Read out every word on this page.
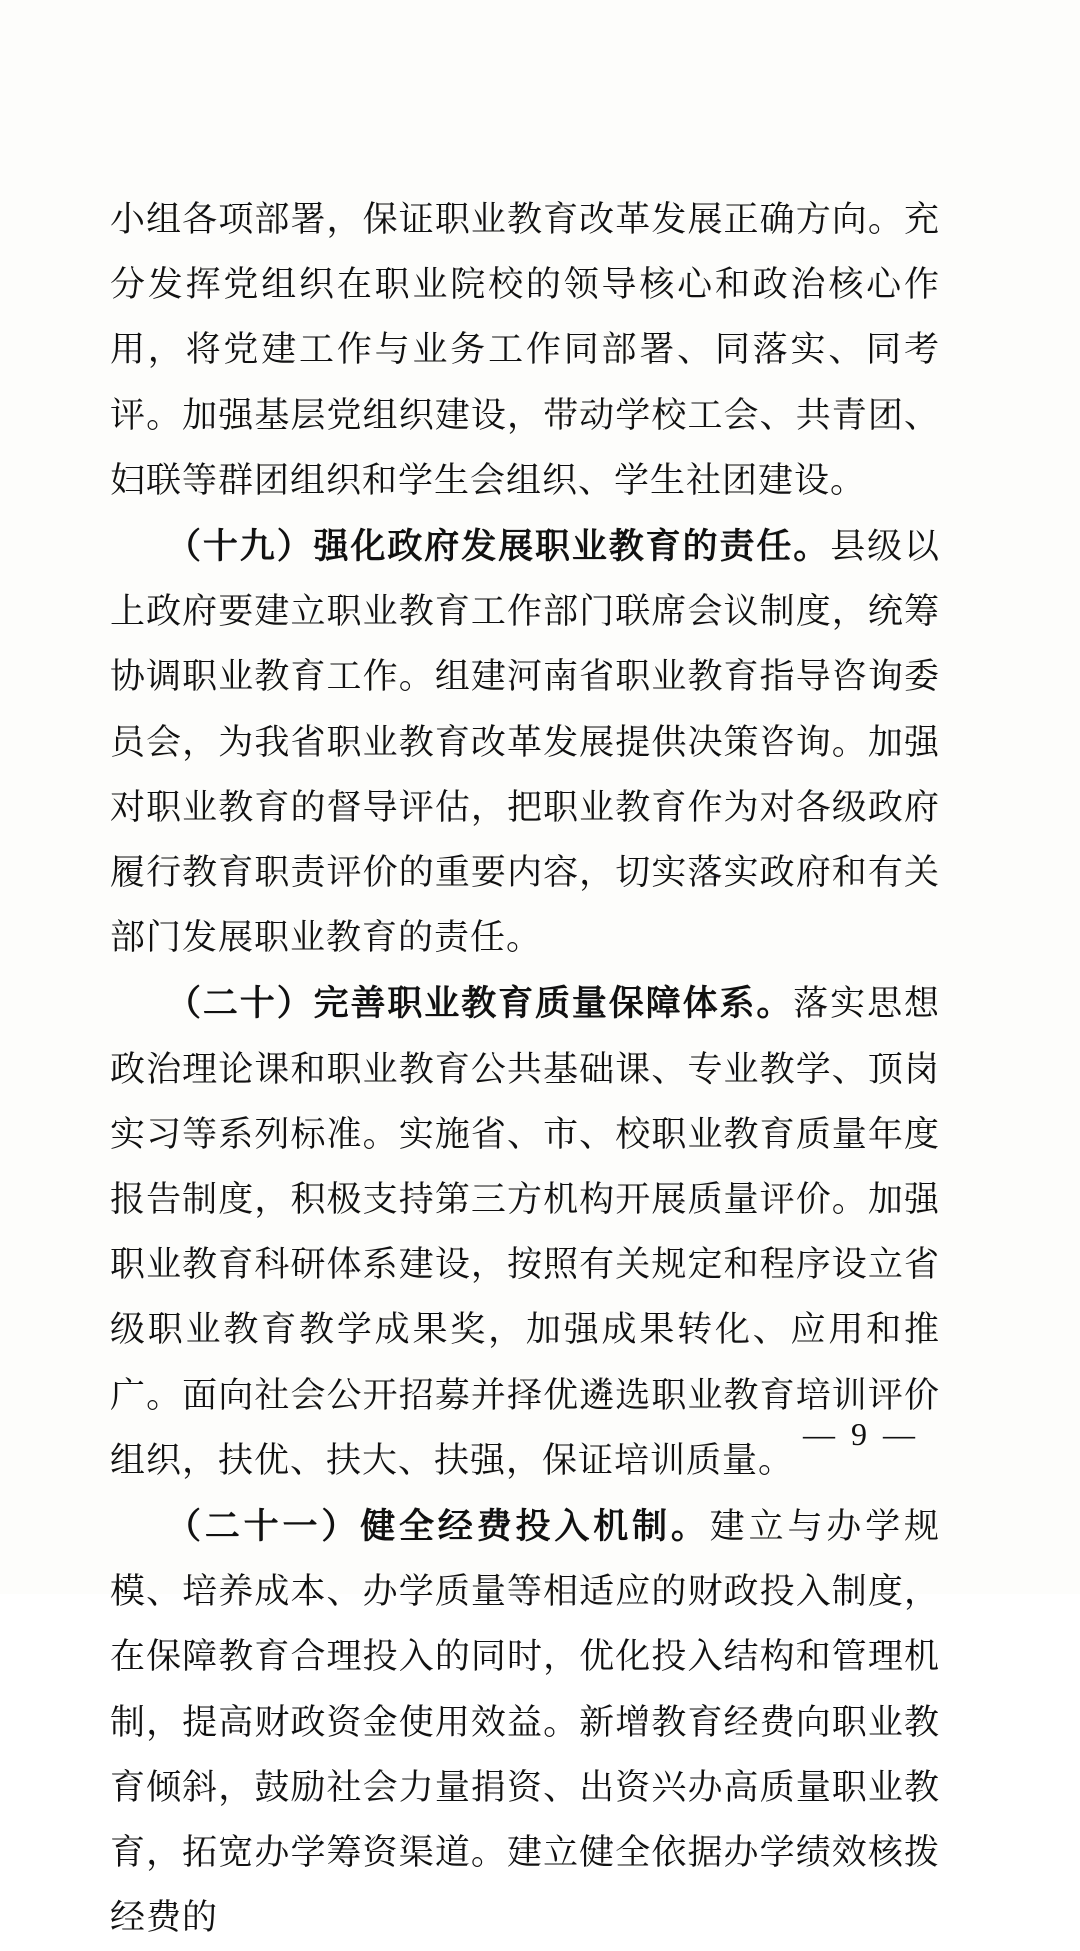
小组各项部署，保证职业教育改革发展正确方向。充分发挥党组织在职业院校的领导核心和政治核心作用，将党建工作与业务工作同部署、同落实、同考评。加强基层党组织建设，带动学校工会、共青团、妇联等群团组织和学生会组织、学生社团建设。

（十九）强化政府发展职业教育的责任。县级以上政府要建立职业教育工作部门联席会议制度，统筹协调职业教育工作。组建河南省职业教育指导咨询委员会，为我省职业教育改革发展提供决策咨询。加强对职业教育的督导评估，把职业教育作为对各级政府履行教育职责评价的重要内容，切实落实政府和有关部门发展职业教育的责任。

（二十）完善职业教育质量保障体系。落实思想政治理论课和职业教育公共基础课、专业教学、顶岗实习等系列标准。实施省、市、校职业教育质量年度报告制度，积极支持第三方机构开展质量评价。加强职业教育科研体系建设，按照有关规定和程序设立省级职业教育教学成果奖，加强成果转化、应用和推广。面向社会公开招募并择优遴选职业教育培训评价组织，扶优、扶大、扶强，保证培训质量。

（二十一）健全经费投入机制。建立与办学规模、培养成本、办学质量等相适应的财政投入制度，在保障教育合理投入的同时，优化投入结构和管理机制，提高财政资金使用效益。新增教育经费向职业教育倾斜，鼓励社会力量捐资、出资兴办高质量职业教育，拓宽办学筹资渠道。建立健全依据办学绩效核拨经费的

— 9 —
